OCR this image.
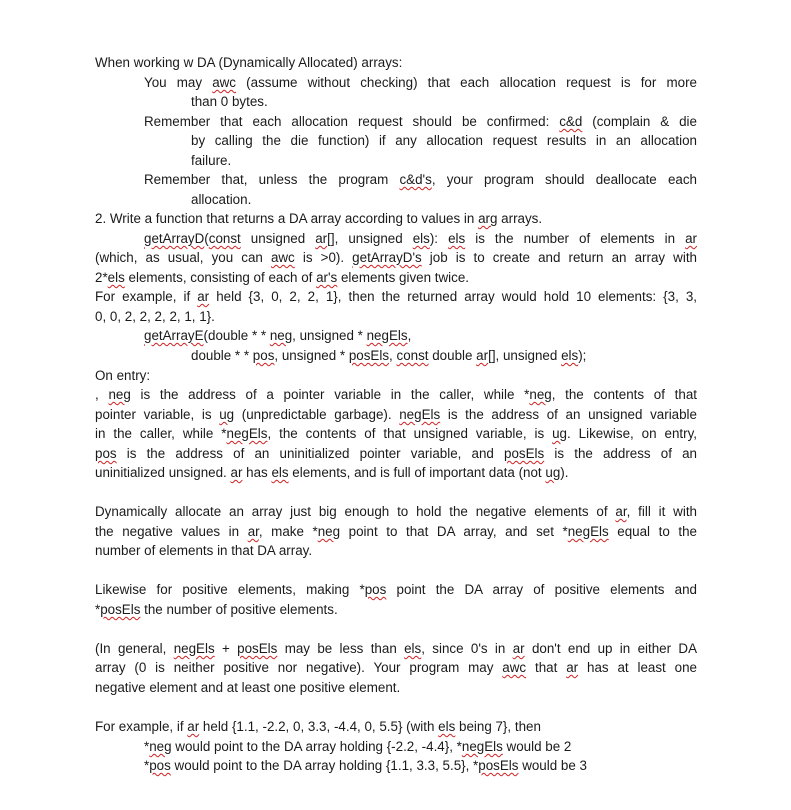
When working w DA (Dynamically Allocated) arrays:
You may awc (assume without checking) that each allocation request is for more
than 0 bytes.
Remember that each allocation request should be confirmed: c&d (complain & die
by calling the die function) if any allocation request results in an allocation
failure.
Remember that, unless the program c&d's, your program should deallocate each
allocation.
2. Write a function that returns a DA array according to values in arg arrays.
getArrayD(const unsigned ar[], unsigned els): els is the number of elements in ar
(which, as usual, you can awc is >0). getArrayD's job is to create and return an array with
2*els elements, consisting of each of ar's elements given twice.
For example, if ar held {3, 0, 2, 2, 1}, then the returned array would hold 10 elements: {3, 3,
0, 0, 2, 2, 2, 2, 1, 1}.
getArrayE(double * * neg, unsigned * negEls,
double * * pos, unsigned * posEls, const double ar[], unsigned els);
On entry:
, neg is the address of a pointer variable in the caller, while *neg, the contents of that
pointer variable, is ug (unpredictable garbage). negEls is the address of an unsigned variable
in the caller, while *negEls, the contents of that unsigned variable, is ug. Likewise, on entry,
pos is the address of an uninitialized pointer variable, and posEls is the address of an
uninitialized unsigned. ar has els elements, and is full of important data (not ug).
Dynamically allocate an array just big enough to hold the negative elements of ar, fill it with
the negative values in ar, make *neg point to that DA array, and set *negEls equal to the
number of elements in that DA array.
Likewise for positive elements, making *pos point the DA array of positive elements and
*posEls the number of positive elements.
(In general, negEls + posEls may be less than els, since 0's in ar don't end up in either DA
array (0 is neither positive nor negative). Your program may awc that ar has at least one
negative element and at least one positive element.
For example, if ar held {1.1, -2.2, 0, 3.3, -4.4, 0, 5.5} (with els being 7}, then
*neg would point to the DA array holding {-2.2, -4.4}, *negEls would be 2
*pos would point to the DA array holding {1.1, 3.3, 5.5}, *posEls would be 3
